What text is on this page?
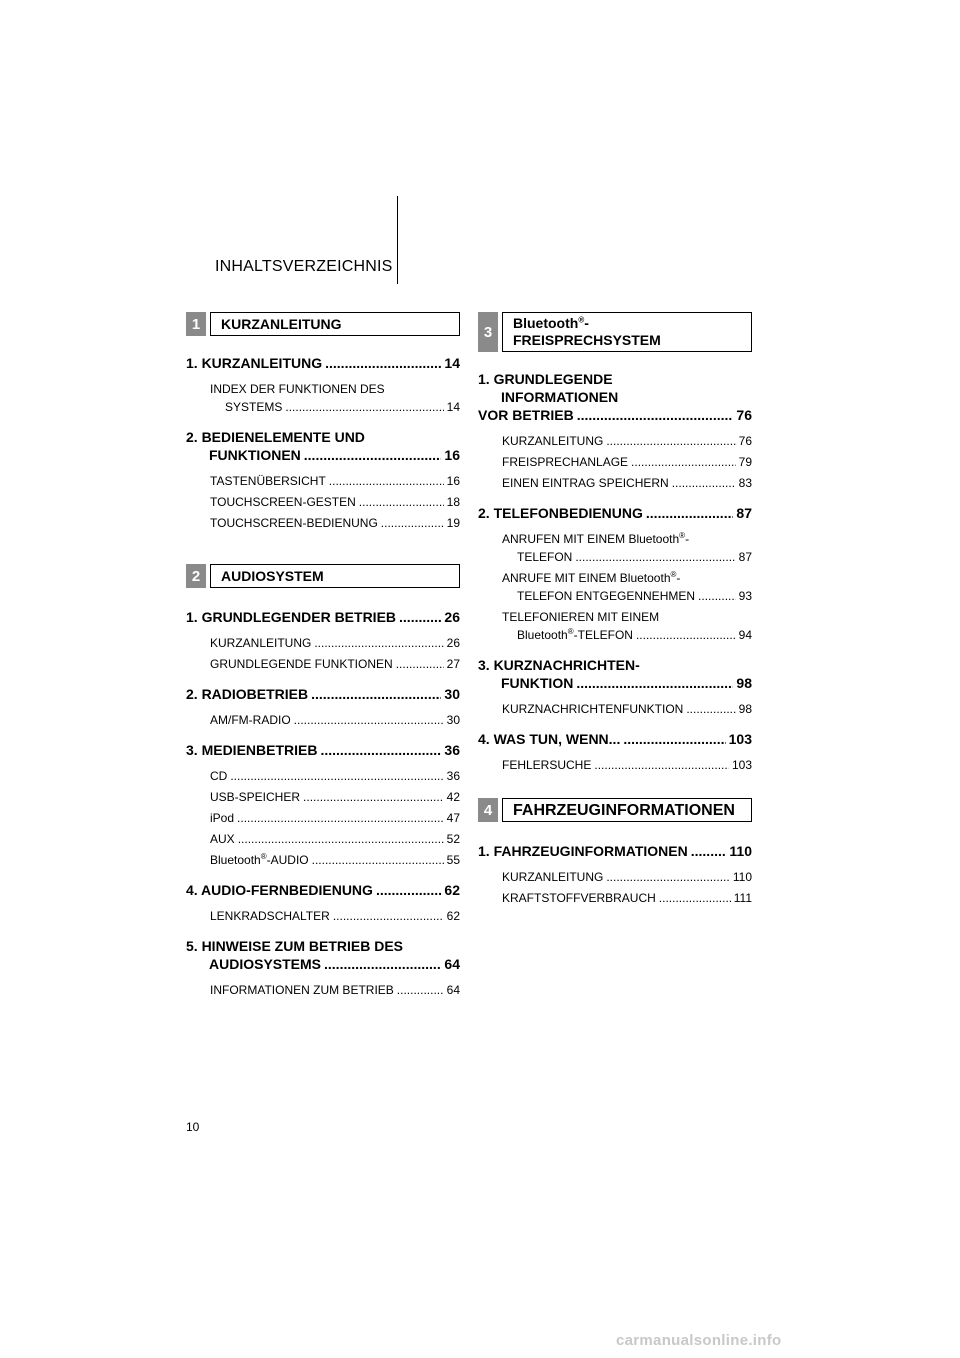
INHALTSVERZEICHNIS
1	KURZANLEITUNG
1. KURZANLEITUNG .....	14
INDEX DER FUNKTIONEN DES
SYSTEMS .....	14
2. BEDIENELEMENTE UND
FUNKTIONEN .....	16
TASTENÜBERSICHT .....	16
TOUCHSCREEN-GESTEN .....	18
TOUCHSCREEN-BEDIENUNG .....	19
2	AUDIOSYSTEM
1. GRUNDLEGENDER BETRIEB .....	26
KURZANLEITUNG .....	26
GRUNDLEGENDE FUNKTIONEN .....	27
2. RADIOBETRIEB .....	30
AM/FM-RADIO .....	30
3. MEDIENBETRIEB .....	36
CD .....	36
USB-SPEICHER .....	42
iPod .....	47
AUX .....	52
Bluetooth®-AUDIO .....	55
4. AUDIO-FERNBEDIENUNG .....	62
LENKRADSCHALTER .....	62
5. HINWEISE ZUM BETRIEB DES
AUDIOSYSTEMS .....	64
INFORMATIONEN ZUM BETRIEB .....	64
3
Bluetooth®-
FREISPRECHSYSTEM
1. GRUNDLEGENDE
INFORMATIONEN
VOR BETRIEB .....	76
KURZANLEITUNG .....	76
FREISPRECHANLAGE .....	79
EINEN EINTRAG SPEICHERN .....	83
2. TELEFONBEDIENUNG .....	87
ANRUFEN MIT EINEM Bluetooth®-
TELEFON .....	87
ANRUFE MIT EINEM Bluetooth®-
TELEFON ENTGEGENNEHMEN .....	93
TELEFONIEREN MIT EINEM
Bluetooth®-TELEFON .....	94
3. KURZNACHRICHTEN-
FUNKTION .....	98
KURZNACHRICHTENFUNKTION .....	98
4. WAS TUN, WENN... .....	103
FEHLERSUCHE .....	103
4	FAHRZEUGINFORMATIONEN
1. FAHRZEUGINFORMATIONEN .....	110
KURZANLEITUNG .....	110
KRAFTSTOFFVERBRAUCH .....	111
10
carmanualsonline.info
